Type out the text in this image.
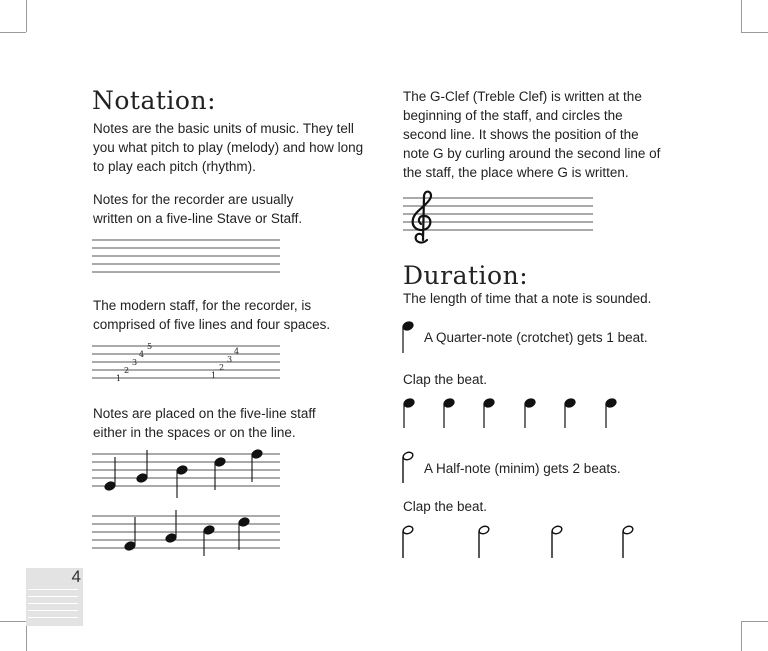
Notation:
Notes are the basic units of music. They tell
you what pitch to play (melody) and how long
to play each pitch (rhythm).
Notes for the recorder are usually
written on a five-line Stave or Staff.
The modern staff, for the recorder, is
comprised of five lines and four spaces.
1
2
3
4
5
1
2
3
4
Notes are placed on the five-line staff
either in the spaces or on the line.
4
The G-Clef (Treble Clef) is written at the
beginning of the staff, and circles the
second line. It shows the position of the
note G by curling around the second line of
the staff, the place where G is written.
Duration:
The length of time that a note is sounded.
A Quarter-note (crotchet) gets 1 beat.
Clap the beat.
A Half-note (minim) gets 2 beats.
Clap the beat.
